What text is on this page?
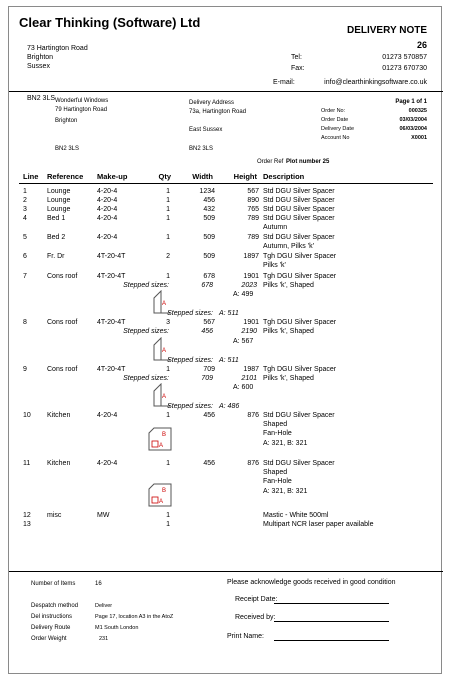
Clear Thinking (Software) Ltd
73 Hartington Road
Brighton
Sussex
BN2 3LS
DELIVERY NOTE
26
Tel:	01273 570857
Fax:	01273 670730
E-mail:	info@clearthinkingsoftware.co.uk
Wonderful Windows
79 Hartington Road
Brighton
BN2 3LS
Delivery Address
73a, Hartington Road
East Sussex
BN2 3LS
Page 1 of 1
Order No:	000325
Order Date	03/03/2004
Delivery Date	06/03/2004
Account No	X0001
Order Ref Plot number 25
Line Reference Make-up	Qty	Width	Height Description
1	Lounge	4-20-4	1	1234	567 Std DGU Silver Spacer
2	Lounge	4-20-4	1	456	890 Std DGU Silver Spacer
3	Lounge	4-20-4	1	432	765 Std DGU Silver Spacer
4	Bed 1	4-20-4	1	509	789 Std DGU Silver Spacer
Autumn
5	Bed 2	4-20-4	1	509	789 Std DGU Silver Spacer
Autumn, Pilks 'k'
6	Fr. Dr	4T-20-4T	2	509	1897 Tgh DGU Silver Spacer
Pilks 'k'
7	Cons roof	4T-20-4T	1	678	1901 Tgh DGU Silver Spacer
Stepped sizes:	678	2023 Pilks 'k', Shaped
A: 499
A
Stepped sizes: A: 511
8	Cons roof	4T-20-4T	3	567	1901 Tgh DGU Silver Spacer
Stepped sizes:	456	2190 Pilks 'k', Shaped
A: 567
A
Stepped sizes: A: 511
9	Cons roof	4T-20-4T	1	709	1987 Tgh DGU Silver Spacer
Stepped sizes:	709	2101 Pilks 'k', Shaped
A: 600
A
Stepped sizes: A: 486
10 Kitchen	4-20-4	1	456	876 Std DGU Silver Spacer
Shaped
Fan-Hole
A: 321, B: 321
B
A
11 Kitchen	4-20-4	1	456	876 Std DGU Silver Spacer
Shaped
Fan-Hole
A: 321, B: 321
B
A
12 misc	MW	1	Mastic - White 500ml
13	1	Multipart NCR laser paper available
Number of Items	16
Despatch method	Deliver
Del instructions	Page 17, location A3 in the AtoZ
Delivery Route	M1 South London
Order Weight	231
Please acknowledge goods received in good condition
Receipt Date:
Received by:
Print Name:
